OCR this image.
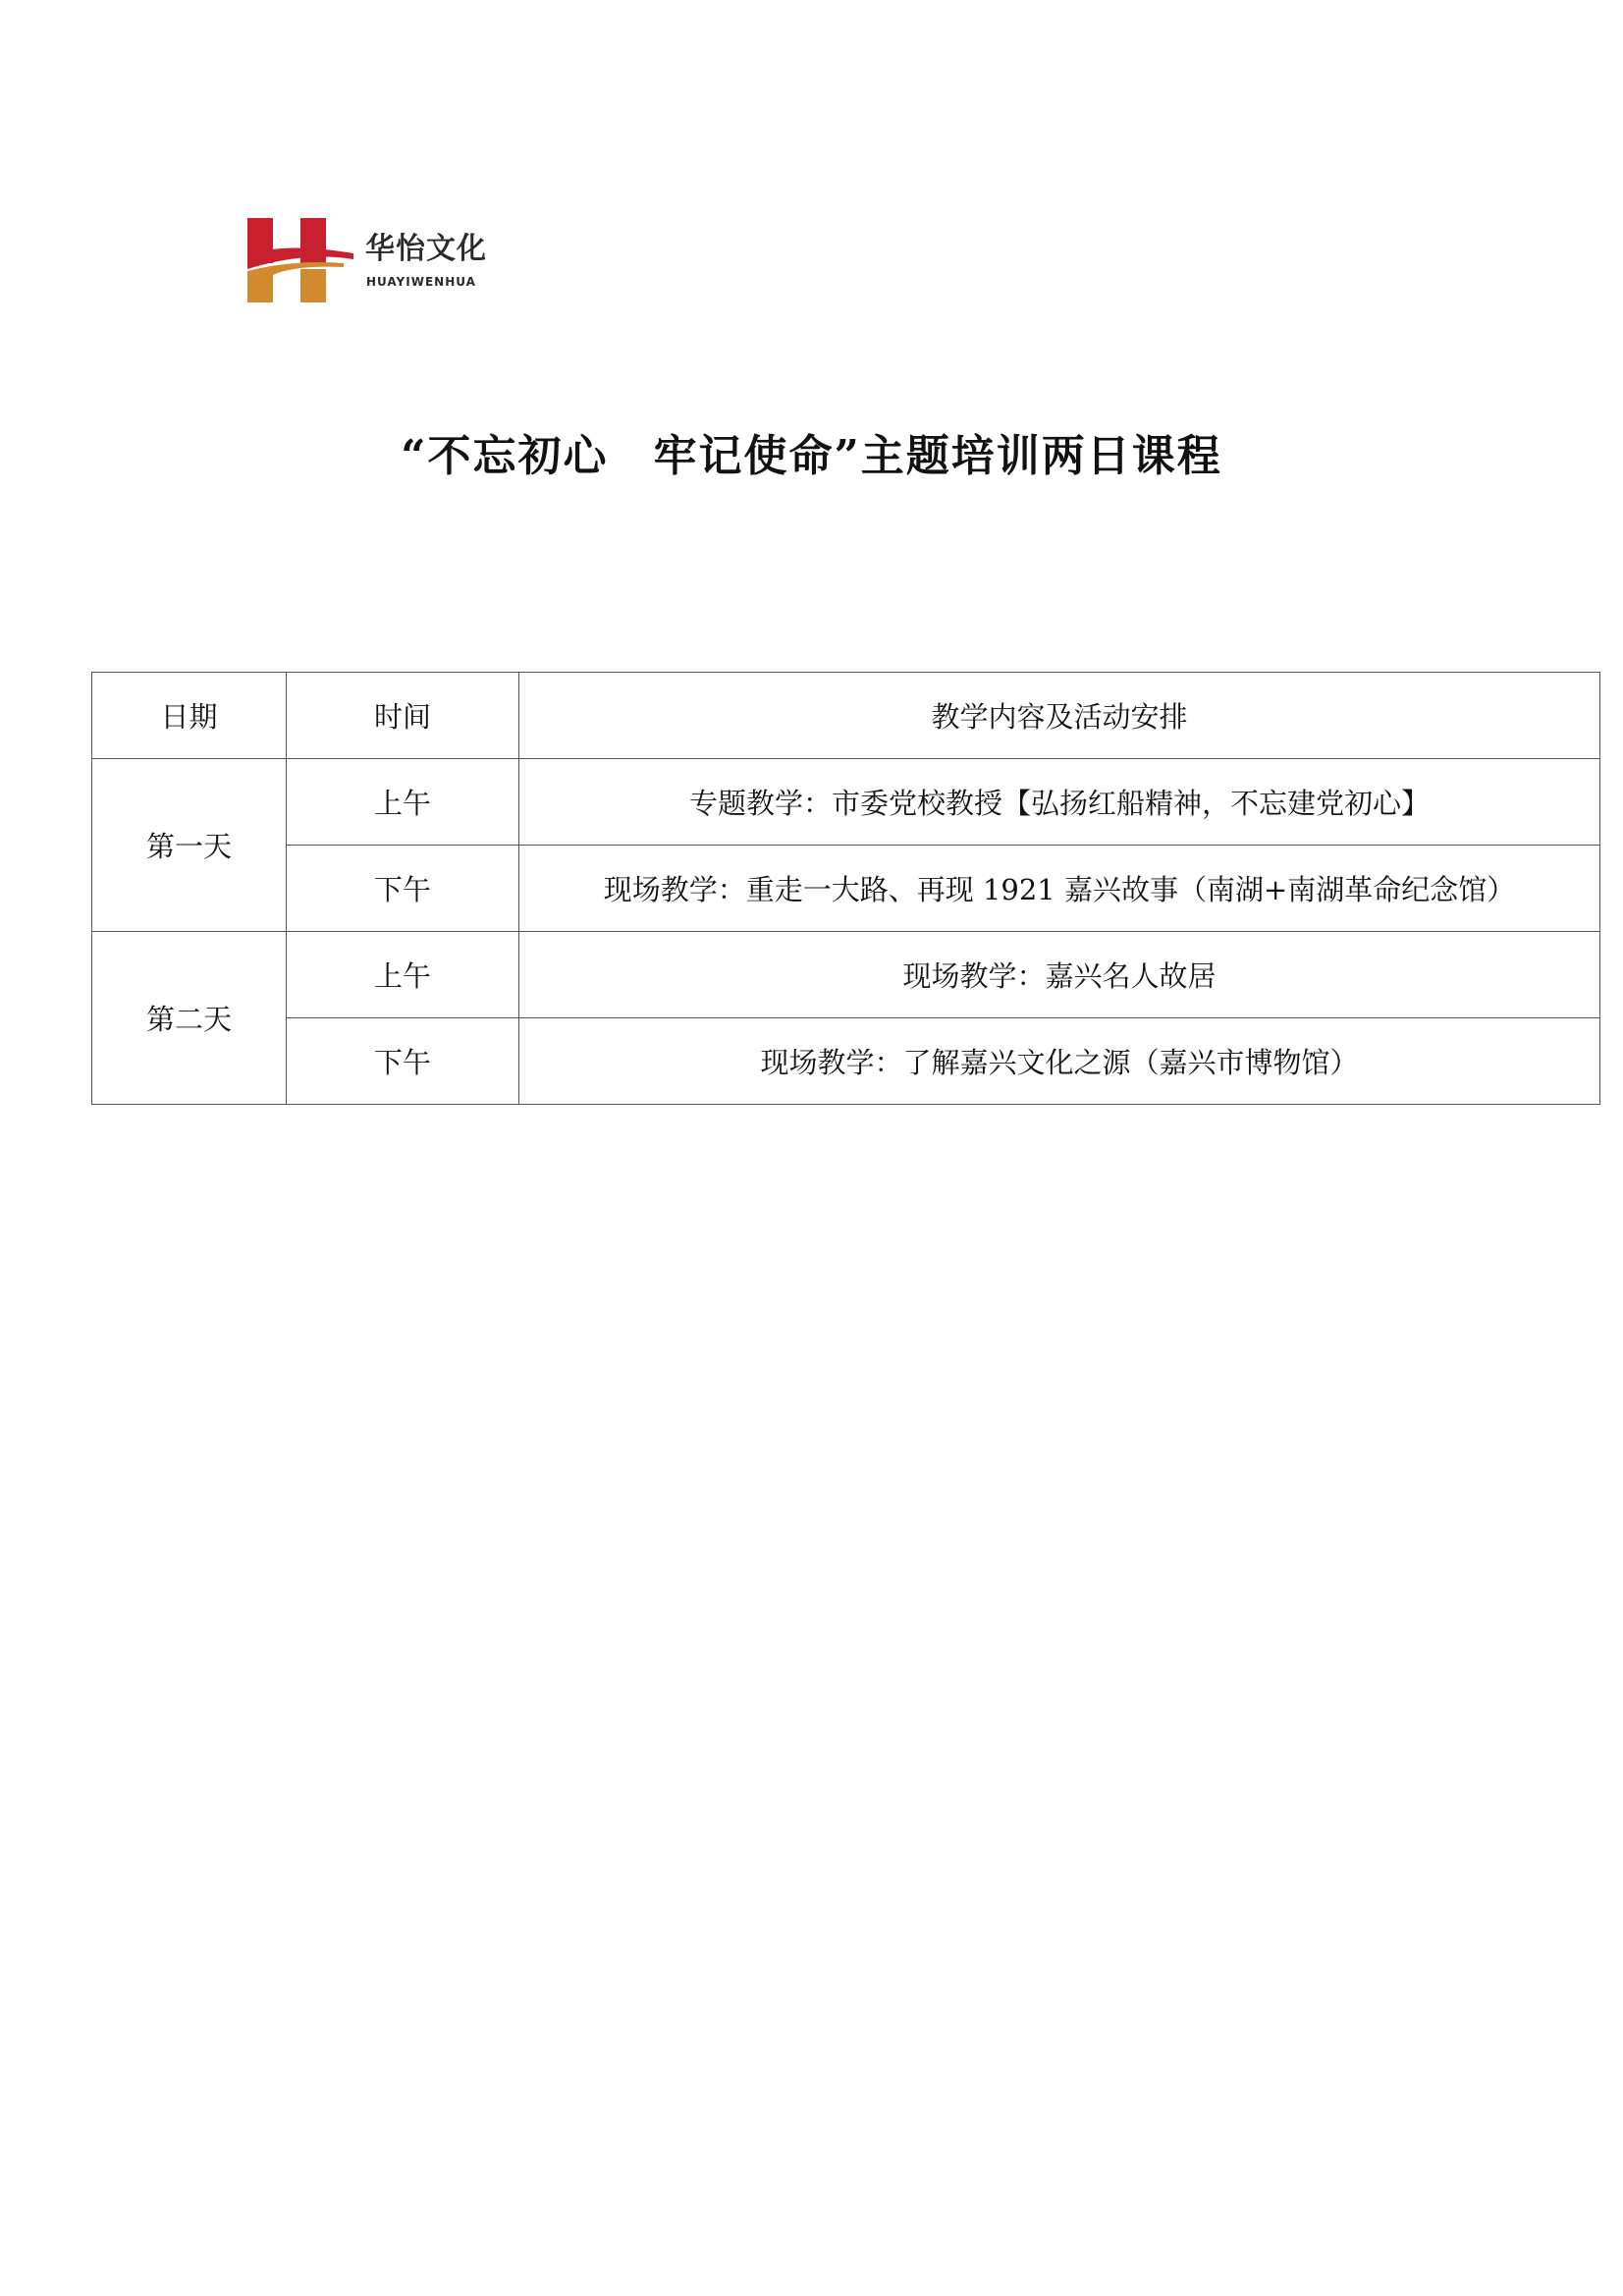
华怡文化
HUAYIWENHUA
“不忘初心　牢记使命”主题培训两日课程
日期	时间	教学内容及活动安排
第一天	上午	专题教学：市委党校教授【弘扬红船精神，不忘建党初心】
	下午	现场教学：重走一大路、再现 1921 嘉兴故事（南湖+南湖革命纪念馆）
第二天	上午	现场教学：嘉兴名人故居
	下午	现场教学：了解嘉兴文化之源（嘉兴市博物馆）
